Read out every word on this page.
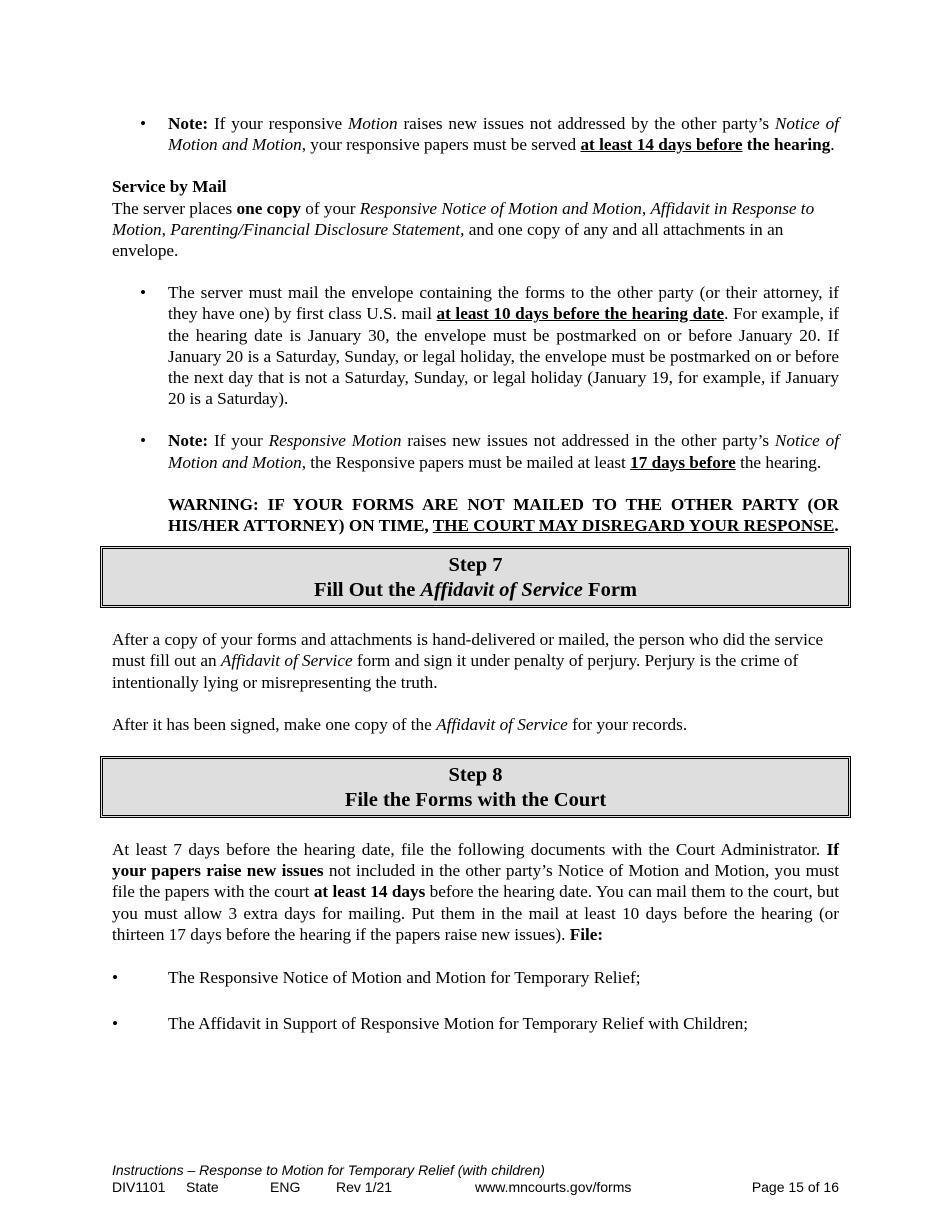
• Note: If your responsive Motion raises new issues not addressed by the other party’s Notice of Motion and Motion, your responsive papers must be served at least 14 days before the hearing.

Service by Mail

The server places one copy of your Responsive Notice of Motion and Motion, Affidavit in Response to Motion, Parenting/Financial Disclosure Statement, and one copy of any and all attachments in an envelope.

• The server must mail the envelope containing the forms to the other party (or their attorney, if they have one) by first class U.S. mail at least 10 days before the hearing date. For example, if the hearing date is January 30, the envelope must be postmarked on or before January 20. If January 20 is a Saturday, Sunday, or legal holiday, the envelope must be postmarked on or before the next day that is not a Saturday, Sunday, or legal holiday (January 19, for example, if January 20 is a Saturday).
• Note: If your Responsive Motion raises new issues not addressed in the other party’s Notice of Motion and Motion, the Responsive papers must be mailed at least 17 days before the hearing.

WARNING: IF YOUR FORMS ARE NOT MAILED TO THE OTHER PARTY (OR HIS/HER ATTORNEY) ON TIME, THE COURT MAY DISREGARD YOUR RESPONSE.

Step 7
Fill Out the Affidavit of Service Form

After a copy of your forms and attachments is hand-delivered or mailed, the person who did the service must fill out an Affidavit of Service form and sign it under penalty of perjury. Perjury is the crime of intentionally lying or misrepresenting the truth.

After it has been signed, make one copy of the Affidavit of Service for your records.

Step 8
File the Forms with the Court

At least 7 days before the hearing date, file the following documents with the Court Administrator. If your papers raise new issues not included in the other party’s Notice of Motion and Motion, you must file the papers with the court at least 14 days before the hearing date. You can mail them to the court, but you must allow 3 extra days for mailing. Put them in the mail at least 10 days before the hearing (or thirteen 17 days before the hearing if the papers raise new issues). File:

• The Responsive Notice of Motion and Motion for Temporary Relief;
• The Affidavit in Support of Responsive Motion for Temporary Relief with Children;
Instructions – Response to Motion for Temporary Relief (with children)
DIV1101 State	ENG	Rev 1/21	www.mncourts.gov/forms	Page 15 of 16
